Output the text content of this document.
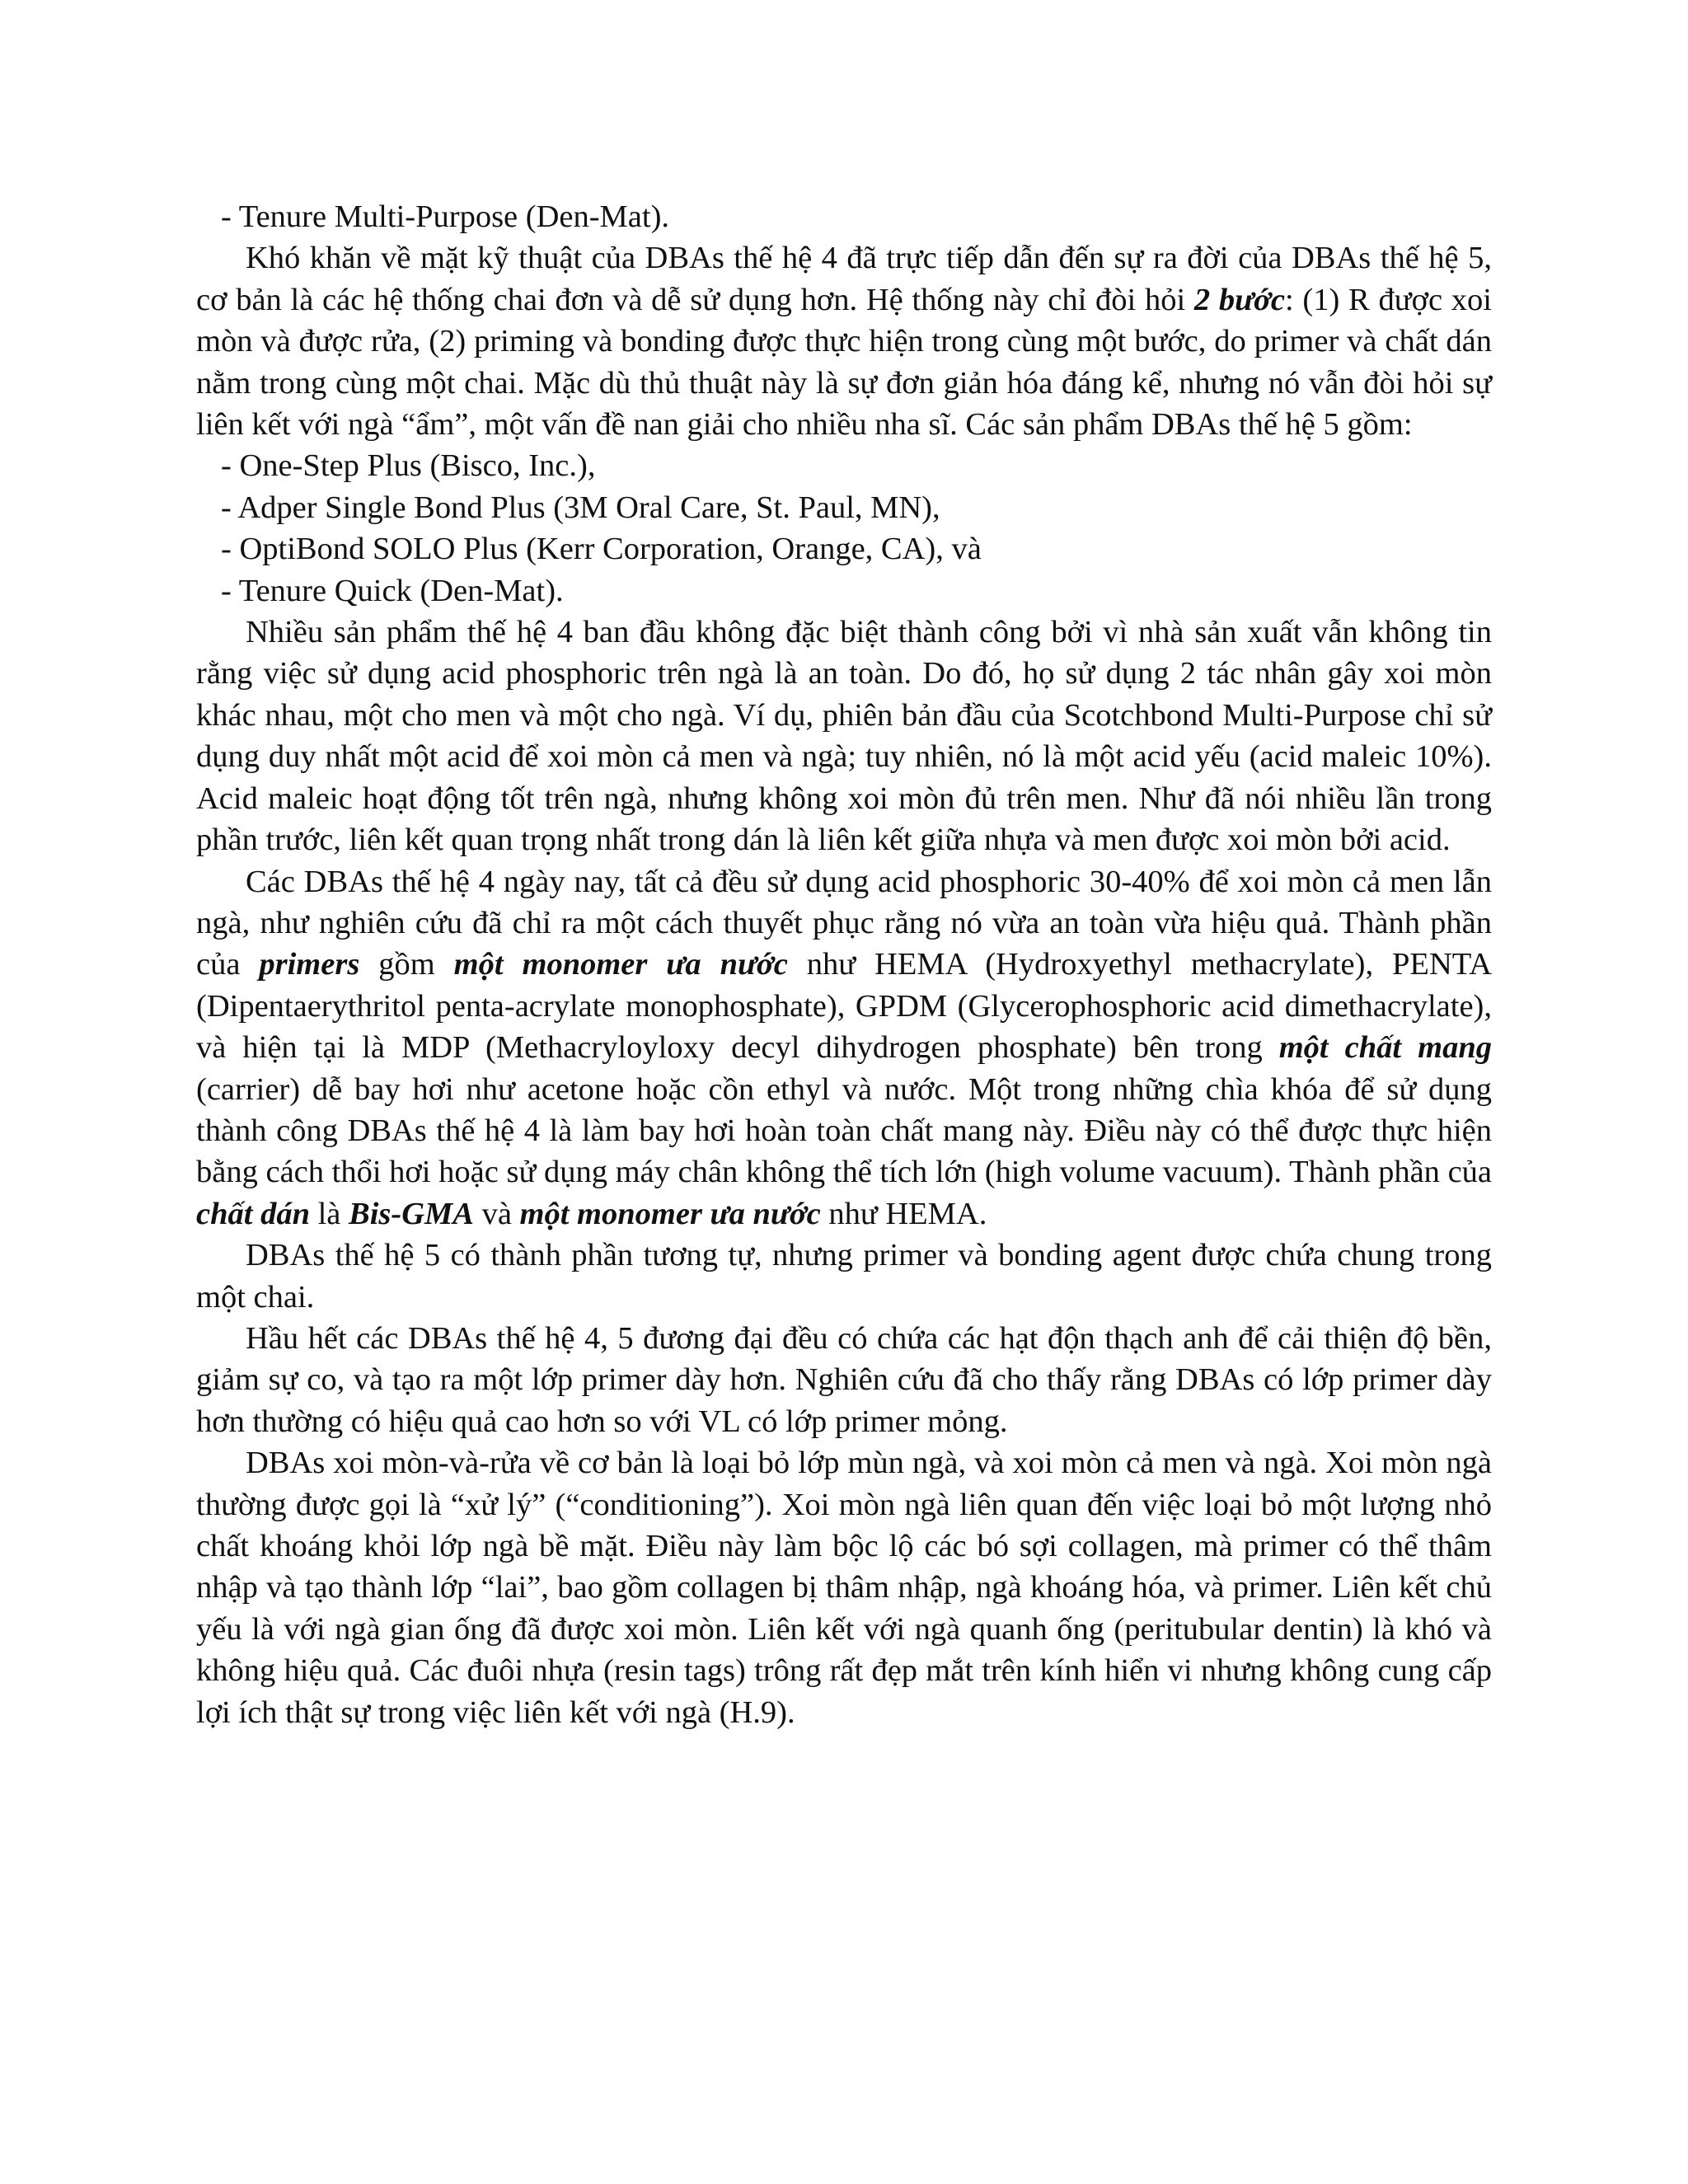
- Tenure Multi-Purpose (Den-Mat).

Khó khăn về mặt kỹ thuật của DBAs thế hệ 4 đã trực tiếp dẫn đến sự ra đời của DBAs thế hệ 5, cơ bản là các hệ thống chai đơn và dễ sử dụng hơn. Hệ thống này chỉ đòi hỏi 2 bước: (1) R được xoi mòn và được rửa, (2) priming và bonding được thực hiện trong cùng một bước, do primer và chất dán nằm trong cùng một chai. Mặc dù thủ thuật này là sự đơn giản hóa đáng kể, nhưng nó vẫn đòi hỏi sự liên kết với ngà “ẩm”, một vấn đề nan giải cho nhiều nha sĩ. Các sản phẩm DBAs thế hệ 5 gồm:

- One-Step Plus (Bisco, Inc.),

- Adper Single Bond Plus (3M Oral Care, St. Paul, MN),

- OptiBond SOLO Plus (Kerr Corporation, Orange, CA), và

- Tenure Quick (Den-Mat).

Nhiều sản phẩm thế hệ 4 ban đầu không đặc biệt thành công bởi vì nhà sản xuất vẫn không tin rằng việc sử dụng acid phosphoric trên ngà là an toàn. Do đó, họ sử dụng 2 tác nhân gây xoi mòn khác nhau, một cho men và một cho ngà. Ví dụ, phiên bản đầu của Scotchbond Multi-Purpose chỉ sử dụng duy nhất một acid để xoi mòn cả men và ngà; tuy nhiên, nó là một acid yếu (acid maleic 10%). Acid maleic hoạt động tốt trên ngà, nhưng không xoi mòn đủ trên men. Như đã nói nhiều lần trong phần trước, liên kết quan trọng nhất trong dán là liên kết giữa nhựa và men được xoi mòn bởi acid.

Các DBAs thế hệ 4 ngày nay, tất cả đều sử dụng acid phosphoric 30-40% để xoi mòn cả men lẫn ngà, như nghiên cứu đã chỉ ra một cách thuyết phục rằng nó vừa an toàn vừa hiệu quả. Thành phần của primers gồm một monomer ưa nước như HEMA (Hydroxyethyl methacrylate), PENTA (Dipentaerythritol penta-acrylate monophosphate), GPDM (Glycerophosphoric acid dimethacrylate), và hiện tại là MDP (Methacryloyloxy decyl dihydrogen phosphate) bên trong một chất mang (carrier) dễ bay hơi như acetone hoặc cồn ethyl và nước. Một trong những chìa khóa để sử dụng thành công DBAs thế hệ 4 là làm bay hơi hoàn toàn chất mang này. Điều này có thể được thực hiện bằng cách thổi hơi hoặc sử dụng máy chân không thể tích lớn (high volume vacuum). Thành phần của chất dán là Bis-GMA và một monomer ưa nước như HEMA.

DBAs thế hệ 5 có thành phần tương tự, nhưng primer và bonding agent được chứa chung trong một chai.

Hầu hết các DBAs thế hệ 4, 5 đương đại đều có chứa các hạt độn thạch anh để cải thiện độ bền, giảm sự co, và tạo ra một lớp primer dày hơn. Nghiên cứu đã cho thấy rằng DBAs có lớp primer dày hơn thường có hiệu quả cao hơn so với VL có lớp primer mỏng.

DBAs xoi mòn-và-rửa về cơ bản là loại bỏ lớp mùn ngà, và xoi mòn cả men và ngà. Xoi mòn ngà thường được gọi là “xử lý” (“conditioning”). Xoi mòn ngà liên quan đến việc loại bỏ một lượng nhỏ chất khoáng khỏi lớp ngà bề mặt. Điều này làm bộc lộ các bó sợi collagen, mà primer có thể thâm nhập và tạo thành lớp “lai”, bao gồm collagen bị thâm nhập, ngà khoáng hóa, và primer. Liên kết chủ yếu là với ngà gian ống đã được xoi mòn. Liên kết với ngà quanh ống (peritubular dentin) là khó và không hiệu quả. Các đuôi nhựa (resin tags) trông rất đẹp mắt trên kính hiển vi nhưng không cung cấp lợi ích thật sự trong việc liên kết với ngà (H.9).
